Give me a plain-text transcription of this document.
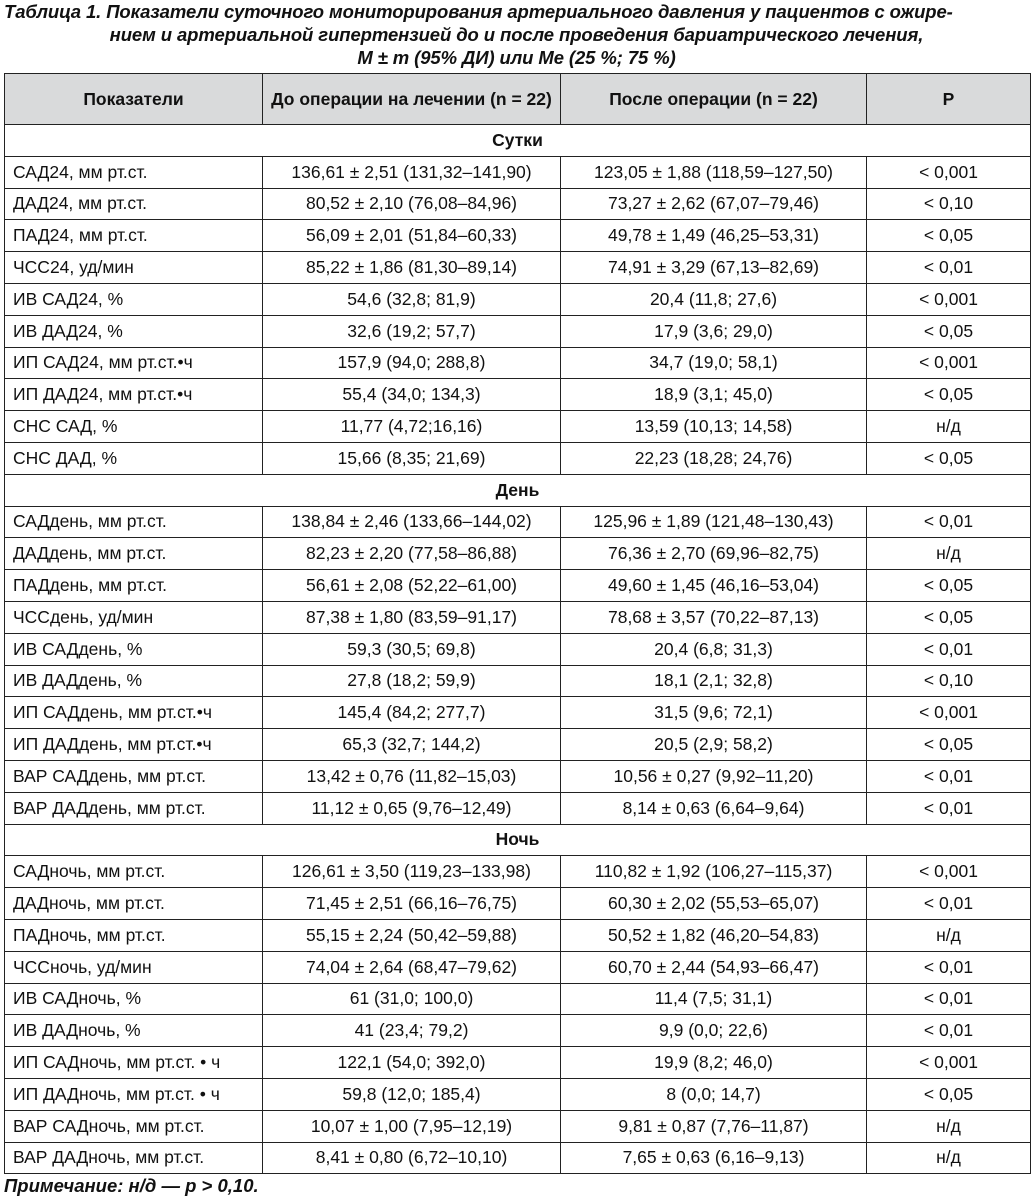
Таблица 1. Показатели суточного мониторирования артериального давления у пациентов с ожире-
нием и артериальной гипертензией до и после проведения бариатрического лечения,
М ± m (95% ДИ) или Ме (25 %; 75 %)
Показатели	До операции на лечении (n = 22)	После операции (n = 22)	P
Сутки			
САД24, мм рт.ст.	136,61 ± 2,51 (131,32–141,90)	123,05 ± 1,88 (118,59–127,50)	< 0,001
ДАД24, мм рт.ст.	80,52 ± 2,10 (76,08–84,96)	73,27 ± 2,62 (67,07–79,46)	< 0,10
ПАД24, мм рт.ст.	56,09 ± 2,01 (51,84–60,33)	49,78 ± 1,49 (46,25–53,31)	< 0,05
ЧСС24, уд/мин	85,22 ± 1,86 (81,30–89,14)	74,91 ± 3,29 (67,13–82,69)	< 0,01
ИВ САД24, %	54,6 (32,8; 81,9)	20,4 (11,8; 27,6)	< 0,001
ИВ ДАД24, %	32,6 (19,2; 57,7)	17,9 (3,6; 29,0)	< 0,05
ИП САД24, мм рт.ст.•ч	157,9 (94,0; 288,8)	34,7 (19,0; 58,1)	< 0,001
ИП ДАД24, мм рт.ст.•ч	55,4 (34,0; 134,3)	18,9 (3,1; 45,0)	< 0,05
СНС САД, %	11,77 (4,72;16,16)	13,59 (10,13; 14,58)	н/д
СНС ДАД, %	15,66 (8,35; 21,69)	22,23 (18,28; 24,76)	< 0,05
День			
САДдень, мм рт.ст.	138,84 ± 2,46 (133,66–144,02)	125,96 ± 1,89 (121,48–130,43)	< 0,01
ДАДдень, мм рт.ст.	82,23 ± 2,20 (77,58–86,88)	76,36 ± 2,70 (69,96–82,75)	н/д
ПАДдень, мм рт.ст.	56,61 ± 2,08 (52,22–61,00)	49,60 ± 1,45 (46,16–53,04)	< 0,05
ЧССдень, уд/мин	87,38 ± 1,80 (83,59–91,17)	78,68 ± 3,57 (70,22–87,13)	< 0,05
ИВ САДдень, %	59,3 (30,5; 69,8)	20,4 (6,8; 31,3)	< 0,01
ИВ ДАДдень, %	27,8 (18,2; 59,9)	18,1 (2,1; 32,8)	< 0,10
ИП САДдень, мм рт.ст.•ч	145,4 (84,2; 277,7)	31,5 (9,6; 72,1)	< 0,001
ИП ДАДдень, мм рт.ст.•ч	65,3 (32,7; 144,2)	20,5 (2,9; 58,2)	< 0,05
ВАР САДдень, мм рт.ст.	13,42 ± 0,76 (11,82–15,03)	10,56 ± 0,27 (9,92–11,20)	< 0,01
ВАР ДАДдень, мм рт.ст.	11,12 ± 0,65 (9,76–12,49)	8,14 ± 0,63 (6,64–9,64)	< 0,01
Ночь			
САДночь, мм рт.ст.	126,61 ± 3,50 (119,23–133,98)	110,82 ± 1,92 (106,27–115,37)	< 0,001
ДАДночь, мм рт.ст.	71,45 ± 2,51 (66,16–76,75)	60,30 ± 2,02 (55,53–65,07)	< 0,01
ПАДночь, мм рт.ст.	55,15 ± 2,24 (50,42–59,88)	50,52 ± 1,82 (46,20–54,83)	н/д
ЧССночь, уд/мин	74,04 ± 2,64 (68,47–79,62)	60,70 ± 2,44 (54,93–66,47)	< 0,01
ИВ САДночь, %	61 (31,0; 100,0)	11,4 (7,5; 31,1)	< 0,01
ИВ ДАДночь, %	41 (23,4; 79,2)	9,9 (0,0; 22,6)	< 0,01
ИП САДночь, мм рт.ст. • ч	122,1 (54,0; 392,0)	19,9 (8,2; 46,0)	< 0,001
ИП ДАДночь, мм рт.ст. • ч	59,8 (12,0; 185,4)	8 (0,0; 14,7)	< 0,05
ВАР САДночь, мм рт.ст.	10,07 ± 1,00 (7,95–12,19)	9,81 ± 0,87 (7,76–11,87)	н/д
ВАР ДАДночь, мм рт.ст.	8,41 ± 0,80 (6,72–10,10)	7,65 ± 0,63 (6,16–9,13)	н/д
Примечание: н/д — p > 0,10.
